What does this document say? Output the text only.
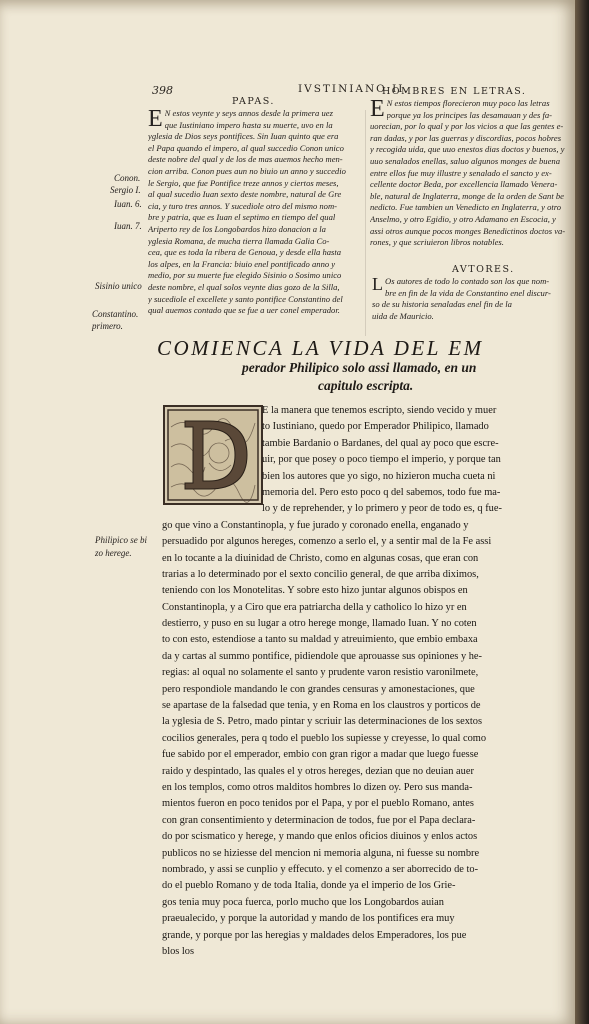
398	IVSTINIANO II.
PAPAS.
E N estos veynte y seys annos desde la primera uez
que Iustiniano impero hasta su muerte, uvo en la
yglesia de Dios seys pontifices. Sin Iuan quinto que era
el Papa quando el impero, al qual succedio Conon unico
deste nobre del qual y de los de mas auemos hecho men-
cion arriba. Conon pues aun no biuio un anno y succedio
le Sergio, que fue Pontifice treze annos y ciertos meses,
al qual sucedio Iuan sexto deste nombre, natural de Gre
cia, y turo tres annos. Y sucediole otro del mismo nom-
bre y patria, que es Iuan el septimo en tiempo del qual
Ariperto rey de los Longobardos hizo donacion a la
yglesia Romana, de mucha tierra llamada Galia Co-
cea, que es toda la ribera de Genoua, y desde ella hasta
los alpes, en la Francia: biuio enel pontificado anno y
medio, por su muerte fue elegido Sisinio o Sosimo unico
deste nombre, el qual solos veynte dias gozo de la Silla,
y sucediole el excellete y santo pontifice Constantino del
qual auemos contado que se fue a uer conel emperador.
HOMBRES EN LETRAS.
E N estos tiempos florecieron muy poco las letras
porque ya los principes las desamauan y des fa-
uorecian, por lo qual y por los vicios a que las gentes e-
ran dadas, y por las guerras y discordias, pocos hobres
y recogida uida, que uuo enestos dias doctos y buenos, y
uuo senalados enellas, saluo algunos monges de buena
entre ellos fue muy illustre y senalado el sancto y ex-
cellente doctor Beda, por excellencia llamado Venera-
ble, natural de Inglaterra, monge de la orden de Sant be
nedicto. Fue tambien un Venedicto en Inglaterra, y otro
Anselmo, y otro Egidio, y otro Adamano en Escocia, y
assi otros aunque pocos monges Benedictinos doctos va-
rones, y que scriuieron libros notables.
AVTORES.
L Os autores de todo lo contado son los que nom-
bre en fin de la vida de Constantino enel discur-
so de su historia senaladas enel fin de la
uida de Mauricio.
Conon.
Sergio I.
Iuan. 6.
Iuan. 7.
Sisinio unico
Constantino.
primero.
Philipico se bi
zo herege.
COMIENCA LA VIDA DEL EM
perador Philipico solo assi llamado, en un
capitulo escripta.
E la manera que tenemos escripto, siendo vecido y muer
to Iustiniano, quedo por Emperador Philipico, llamado
tambie Bardanio o Bardanes, del qual ay poco que escre-
uir, por que posey o poco tiempo el imperio, y porque tan
bien los autores que yo sigo, no hizieron mucha cueta ni
memoria del. Pero esto poco q del sabemos, todo fue ma-
lo y de reprehender, y lo primero y peor de todo es, q fue-
go que vino a Constantinopla, y fue jurado y coronado enella, enganado y
persuadido por algunos hereges, comenzo a serlo el, y a sentir mal de la Fe assi
en lo tocante a la diuinidad de Christo, como en algunas cosas, que eran con
trarias a lo determinado por el sexto concilio general, de que arriba diximos,
teniendo con los Monotelitas. Y sobre esto hizo juntar algunos obispos en
Constantinopla, y a Ciro que era patriarcha della y catholico lo hizo yr en
destierro, y puso en su lugar a otro herege monge, llamado Iuan. Y no coten
to con esto, estendiose a tanto su maldad y atreuimiento, que embio embaxa
da y cartas al summo pontifice, pidiendole que aprouasse sus opiniones y he-
regias: al oqual no solamente el santo y prudente varon resistio varonilmete,
pero respondiole mandando le con grandes censuras y amonestaciones, que
se apartase de la falsedad que tenia, y en Roma en los claustros y porticos de
la yglesia de S. Petro, mado pintar y scriuir las determinaciones de los sextos
cocilios generales, pera q todo el pueblo los supiesse y creyesse, lo qual como
fue sabido por el emperador, embio con gran rigor a madar que luego fuesse
raido y despintado, las quales el y otros hereges, dezian que no deuian auer
en los templos, como otros malditos hombres lo dizen oy. Pero sus manda-
mientos fueron en poco tenidos por el Papa, y por el pueblo Romano, antes
con gran consentimiento y determinacion de todos, fue por el Papa declara-
do por scismatico y herege, y mando que enlos oficios diuinos y enlos actos
publicos no se hiziesse del mencion ni memoria alguna, ni fuesse su nombre
nombrado, y assi se cunplio y effecuto. y el comenzo a ser aborrecido de to-
do el pueblo Romano y de toda Italia, donde ya el imperio de los Grie-
gos tenia muy poca fuerca, porlo mucho que los Longobardos auian
praeualecido, y porque la autoridad y mando de los pontifices era muy
grande, y porque por las heregias y maldades delos Emperadores, los pue
blos los
